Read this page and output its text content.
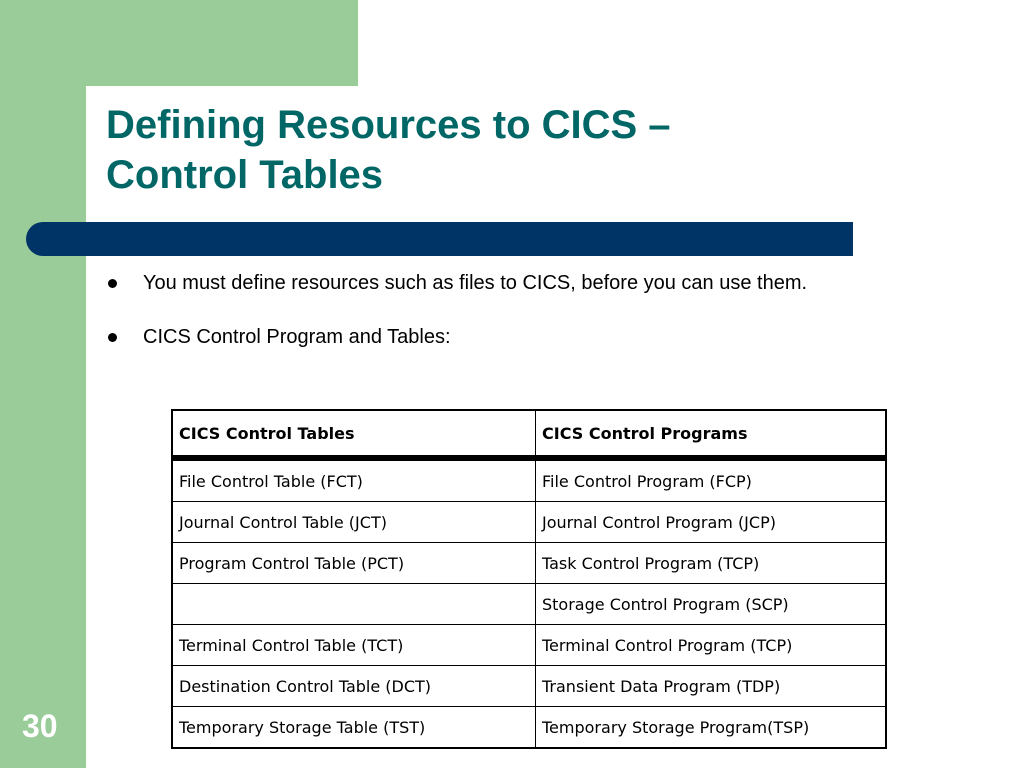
Defining Resources to CICS –
Control Tables
You must define resources such as files to CICS, before you can use them.
CICS Control Program and Tables:
CICS Control Tables	CICS Control Programs
File Control Table (FCT)	File Control Program (FCP)
Journal Control Table (JCT)	Journal Control Program (JCP)
Program Control Table (PCT)	Task Control Program (TCP)
	Storage Control Program (SCP)
Terminal Control Table (TCT)	Terminal Control Program (TCP)
Destination Control Table (DCT)	Transient Data Program (TDP)
Temporary Storage Table (TST)	Temporary Storage Program(TSP)
30
